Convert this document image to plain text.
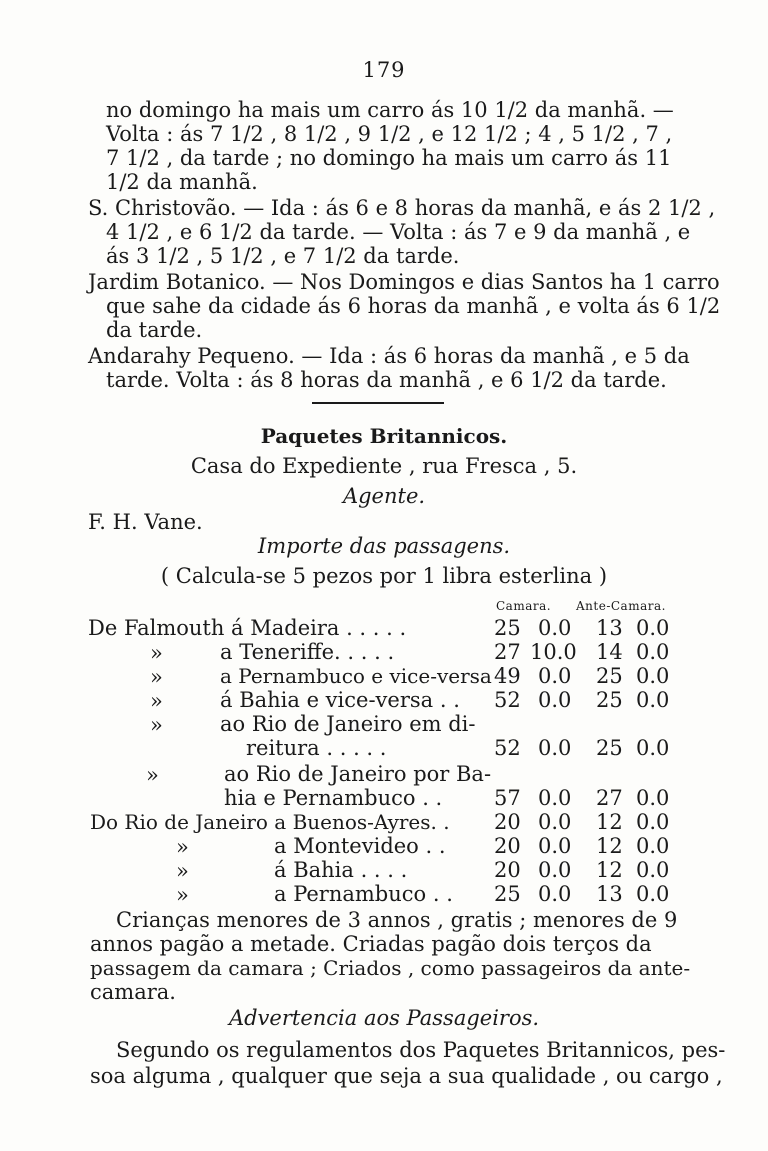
179
no domingo ha mais um carro ás 10 1/2 da manhã. —
Volta : ás 7 1/2 , 8 1/2 , 9 1/2 , e 12 1/2 ; 4 , 5 1/2 , 7 ,
7 1/2 , da tarde ; no domingo ha mais um carro ás 11
1/2 da manhã.
S. Christovão. — Ida : ás 6 e 8 horas da manhã, e ás 2 1/2 ,
4 1/2 , e 6 1/2 da tarde. — Volta : ás 7 e 9 da manhã , e
ás 3 1/2 , 5 1/2 , e 7 1/2 da tarde.
Jardim Botanico. — Nos Domingos e dias Santos ha 1 carro
que sahe da cidade ás 6 horas da manhã , e volta ás 6 1/2
da tarde.
Andarahy Pequeno. — Ida : ás 6 horas da manhã , e 5 da
tarde. Volta : ás 8 horas da manhã , e 6 1/2 da tarde.
Paquetes Britannicos.
Casa do Expediente , rua Fresca , 5.
Agente.
F. H. Vane.
Importe das passagens.
( Calcula-se 5 pezos por 1 libra esterlina )
Camara. Ante-Camara.
De Falmouth á Madeira . . . . .	25 0.0 13 0.0
»	a Teneriffe. . . . .	27 10.0 14 0.0
»	a Pernambuco e vice-versa 49 0.0 25 0.0
»	á Bahia e vice-versa . . 52 0.0 25 0.0
»	ao Rio de Janeiro em di-
reitura . . . . .	52 0.0 25 0.0
»	ao Rio de Janeiro por Ba-
hia e Pernambuco . . 57 0.0 27 0.0
Do Rio de Janeiro a Buenos-Ayres. . 20 0.0 12 0.0
»	a Montevideo . . 20 0.0 12 0.0
»	á Bahia . . . .	20 0.0 12 0.0
»	a Pernambuco . . 25 0.0 13 0.0
Crianças menores de 3 annos , gratis ; menores de 9
annos pagão a metade. Criadas pagão dois terços da
passagem da camara ; Criados , como passageiros da ante-
camara.
Advertencia aos Passageiros.
Segundo os regulamentos dos Paquetes Britannicos, pes-
soa alguma , qualquer que seja a sua qualidade , ou cargo ,
